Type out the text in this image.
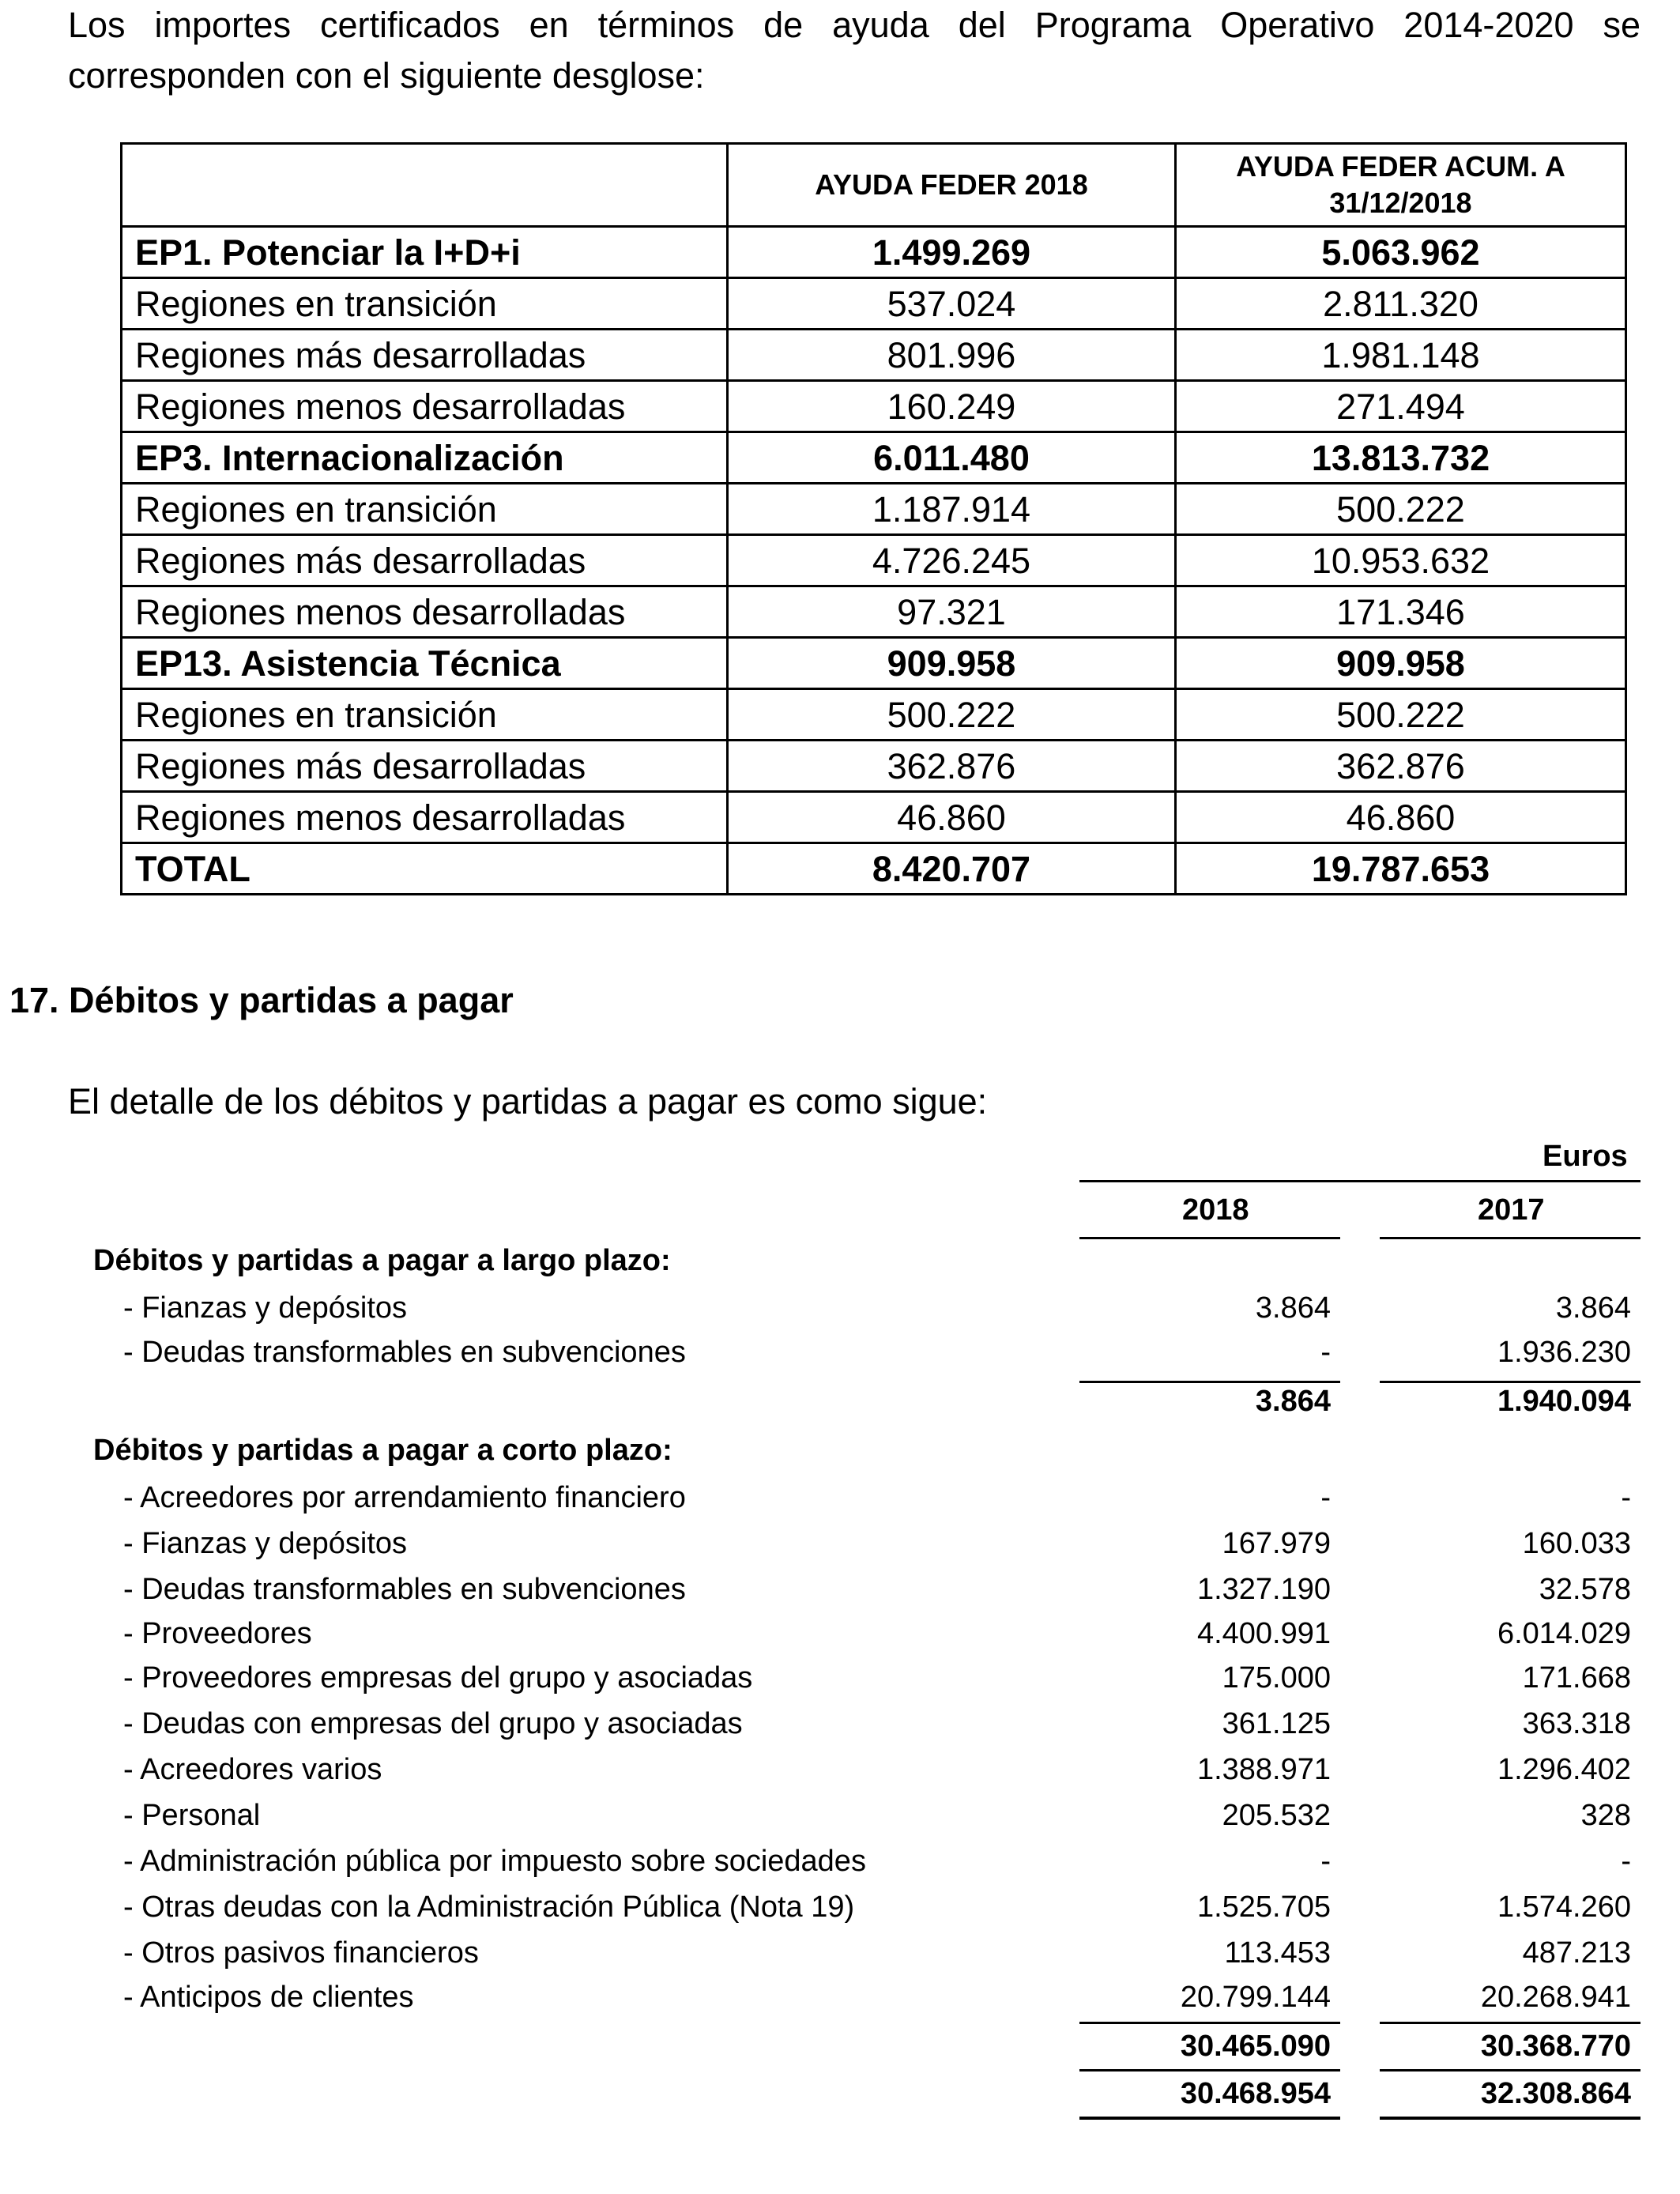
Los importes certificados en términos de ayuda del Programa Operativo 2014-2020 se
corresponden con el siguiente desglose:

	AYUDA FEDER 2018	AYUDA FEDER ACUM. A 31/12/2018
EP1. Potenciar la I+D+i	1.499.269	5.063.962
Regiones en transición	537.024	2.811.320
Regiones más desarrolladas	801.996	1.981.148
Regiones menos desarrolladas	160.249	271.494
EP3. Internacionalización	6.011.480	13.813.732
Regiones en transición	1.187.914	500.222
Regiones más desarrolladas	4.726.245	10.953.632
Regiones menos desarrolladas	97.321	171.346
EP13. Asistencia Técnica	909.958	909.958
Regiones en transición	500.222	500.222
Regiones más desarrolladas	362.876	362.876
Regiones menos desarrolladas	46.860	46.860
TOTAL	8.420.707	19.787.653
17. Débitos y partidas a pagar

El detalle de los débitos y partidas a pagar es como sigue:

Euros
2018	2017
Débitos y partidas a pagar a largo plazo:
- Fianzas y depósitos	3.864	3.864
- Deudas transformables en subvenciones	-	1.936.230
3.864	1.940.094
Débitos y partidas a pagar a corto plazo:
- Acreedores por arrendamiento financiero	-	-
- Fianzas y depósitos	167.979	160.033
- Deudas transformables en subvenciones	1.327.190	32.578
- Proveedores	4.400.991	6.014.029
- Proveedores empresas del grupo y asociadas	175.000	171.668
- Deudas con empresas del grupo y asociadas	361.125	363.318
- Acreedores varios	1.388.971	1.296.402
- Personal	205.532	328
- Administración pública por impuesto sobre sociedades	-	-
- Otras deudas con la Administración Pública (Nota 19)	1.525.705	1.574.260
- Otros pasivos financieros	113.453	487.213
- Anticipos de clientes	20.799.144	20.268.941
30.465.090	30.368.770
30.468.954	32.308.864
